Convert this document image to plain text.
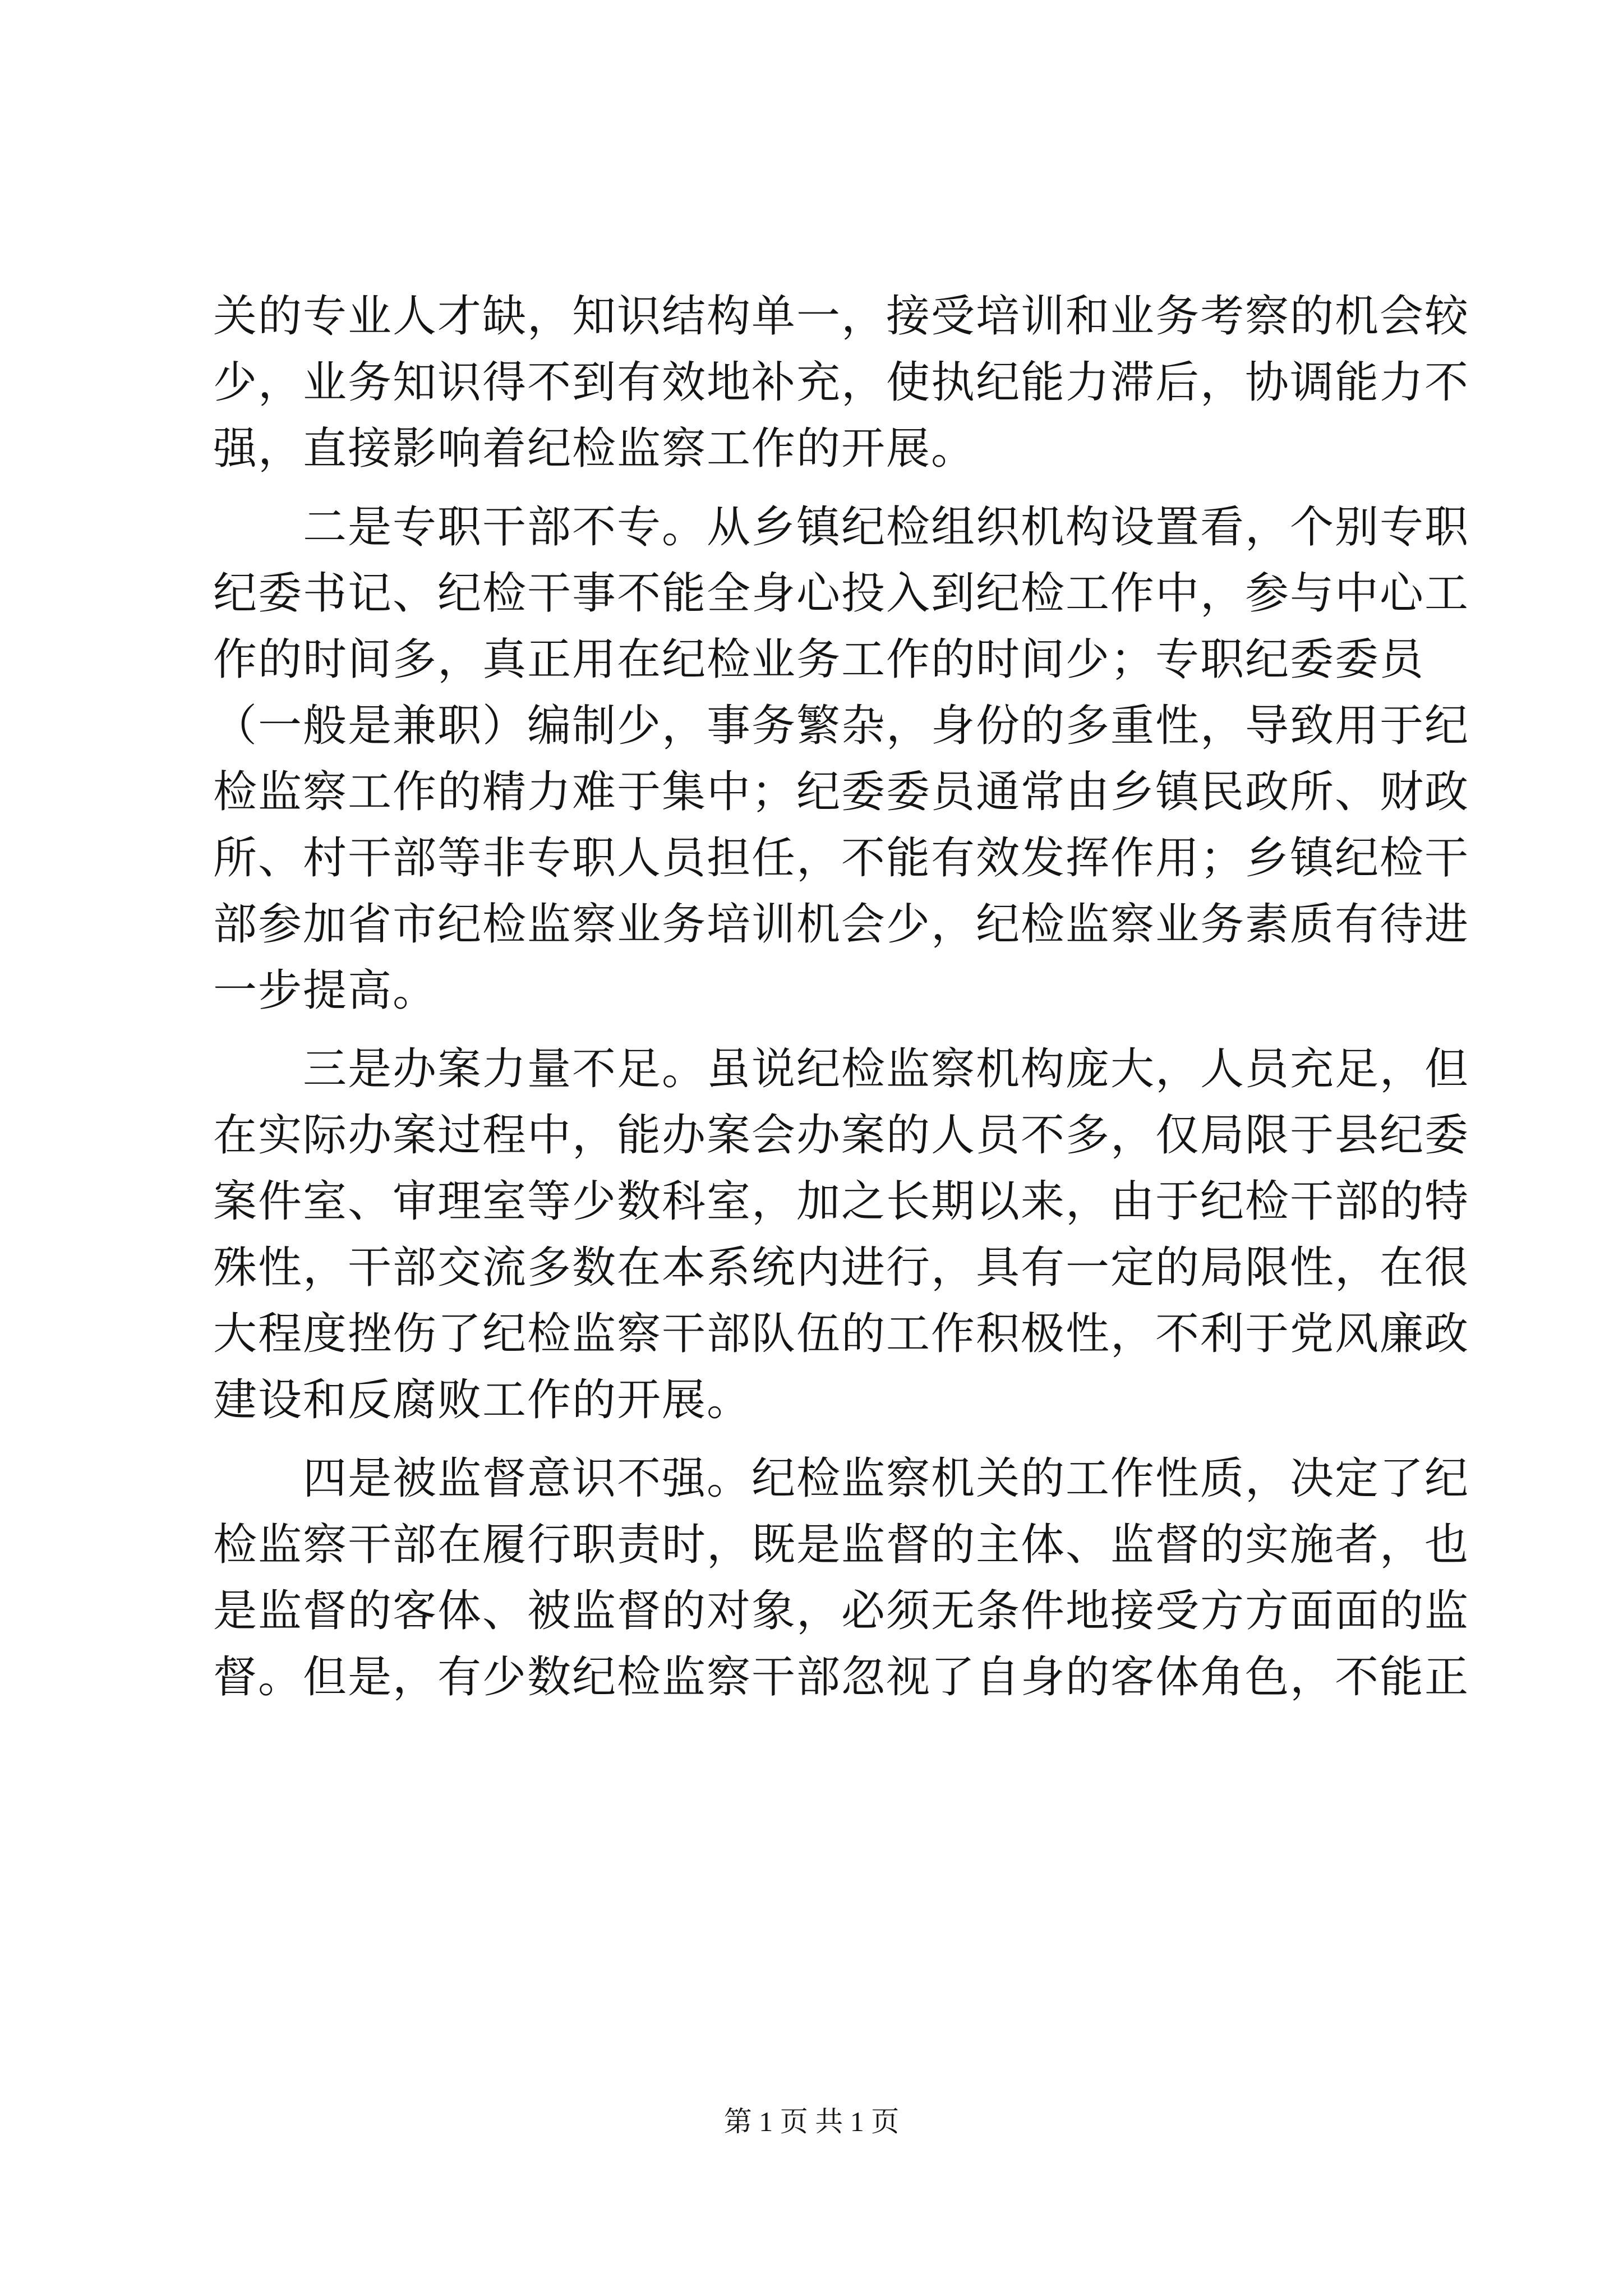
关的专业人才缺，知识结构单一，接受培训和业务考察的机会较
少，业务知识得不到有效地补充，使执纪能力滞后，协调能力不
强，直接影响着纪检监察工作的开展。
二是专职干部不专。从乡镇纪检组织机构设置看，个别专职
纪委书记、纪检干事不能全身心投入到纪检工作中，参与中心工
作的时间多，真正用在纪检业务工作的时间少；专职纪委委员
（一般是兼职）编制少，事务繁杂，身份的多重性，导致用于纪
检监察工作的精力难于集中；纪委委员通常由乡镇民政所、财政
所、村干部等非专职人员担任，不能有效发挥作用；乡镇纪检干
部参加省市纪检监察业务培训机会少，纪检监察业务素质有待进
一步提高。
三是办案力量不足。虽说纪检监察机构庞大，人员充足，但
在实际办案过程中，能办案会办案的人员不多，仅局限于县纪委
案件室、审理室等少数科室，加之长期以来，由于纪检干部的特
殊性，干部交流多数在本系统内进行，具有一定的局限性，在很
大程度挫伤了纪检监察干部队伍的工作积极性，不利于党风廉政
建设和反腐败工作的开展。
四是被监督意识不强。纪检监察机关的工作性质，决定了纪
检监察干部在履行职责时，既是监督的主体、监督的实施者，也
是监督的客体、被监督的对象，必须无条件地接受方方面面的监
督。但是，有少数纪检监察干部忽视了自身的客体角色，不能正
第 1 页 共 1 页
